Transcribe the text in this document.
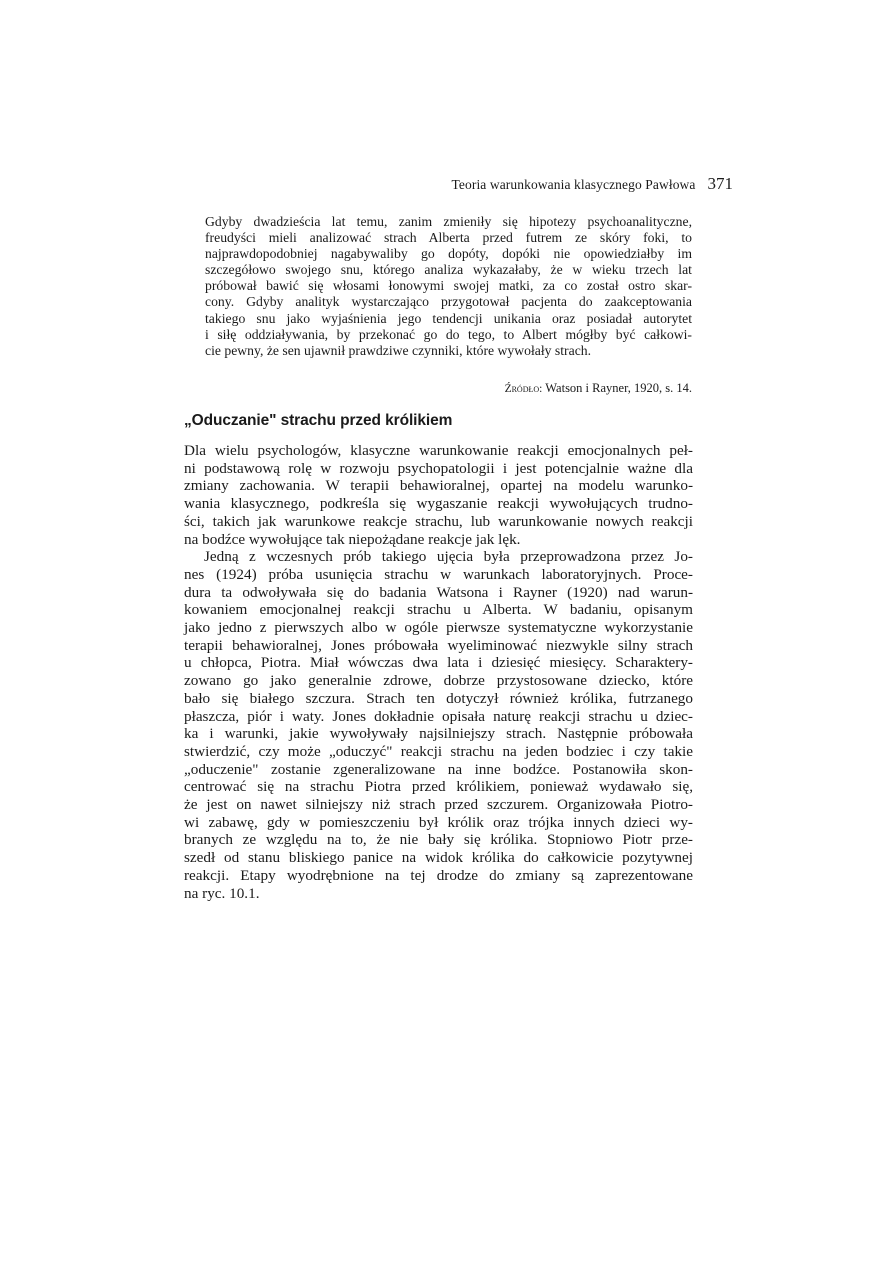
Teoria warunkowania klasycznego Pawłowa 371
Gdyby dwadzieścia lat temu, zanim zmieniły się hipotezy psychoanalityczne,
freudyści mieli analizować strach Alberta przed futrem ze skóry foki, to
najprawdopodobniej nagabywaliby go dopóty, dopóki nie opowiedziałby im
szczegółowo swojego snu, którego analiza wykazałaby, że w wieku trzech lat
próbował bawić się włosami łonowymi swojej matki, za co został ostro skar-
cony. Gdyby analityk wystarczająco przygotował pacjenta do zaakceptowania
takiego snu jako wyjaśnienia jego tendencji unikania oraz posiadał autorytet
i siłę oddziaływania, by przekonać go do tego, to Albert mógłby być całkowi-
cie pewny, że sen ujawnił prawdziwe czynniki, które wywołały strach.
Źródło: Watson i Rayner, 1920, s. 14.
„Oduczanie" strachu przed królikiem
Dla wielu psychologów, klasyczne warunkowanie reakcji emocjonalnych peł-
ni podstawową rolę w rozwoju psychopatologii i jest potencjalnie ważne dla
zmiany zachowania. W terapii behawioralnej, opartej na modelu warunko-
wania klasycznego, podkreśla się wygaszanie reakcji wywołujących trudno-
ści, takich jak warunkowe reakcje strachu, lub warunkowanie nowych reakcji
na bodźce wywołujące tak niepożądane reakcje jak lęk.
Jedną z wczesnych prób takiego ujęcia była przeprowadzona przez Jo-
nes (1924) próba usunięcia strachu w warunkach laboratoryjnych. Proce-
dura ta odwoływała się do badania Watsona i Rayner (1920) nad warun-
kowaniem emocjonalnej reakcji strachu u Alberta. W badaniu, opisanym
jako jedno z pierwszych albo w ogóle pierwsze systematyczne wykorzystanie
terapii behawioralnej, Jones próbowała wyeliminować niezwykle silny strach
u chłopca, Piotra. Miał wówczas dwa lata i dziesięć miesięcy. Scharaktery-
zowano go jako generalnie zdrowe, dobrze przystosowane dziecko, które
bało się białego szczura. Strach ten dotyczył również królika, futrzanego
płaszcza, piór i waty. Jones dokładnie opisała naturę reakcji strachu u dziec-
ka i warunki, jakie wywoływały najsilniejszy strach. Następnie próbowała
stwierdzić, czy może „oduczyć" reakcji strachu na jeden bodziec i czy takie
„oduczenie" zostanie zgeneralizowane na inne bodźce. Postanowiła skon-
centrować się na strachu Piotra przed królikiem, ponieważ wydawało się,
że jest on nawet silniejszy niż strach przed szczurem. Organizowała Piotro-
wi zabawę, gdy w pomieszczeniu był królik oraz trójka innych dzieci wy-
branych ze względu na to, że nie bały się królika. Stopniowo Piotr prze-
szedł od stanu bliskiego panice na widok królika do całkowicie pozytywnej
reakcji. Etapy wyodrębnione na tej drodze do zmiany są zaprezentowane
na ryc. 10.1.
